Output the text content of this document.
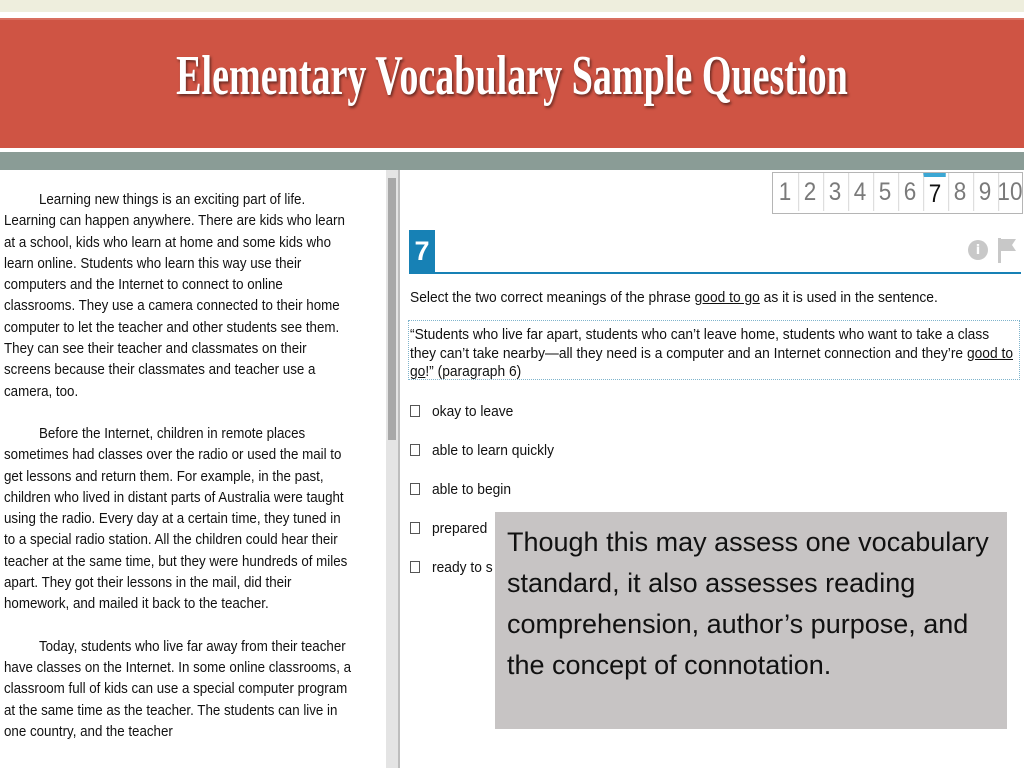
Elementary Vocabulary Sample Question

Learning new things is an exciting part of life. Learning can happen anywhere. There are kids who learn at a school, kids who learn at home and some kids who learn online. Students who learn this way use their computers and the Internet to connect to online classrooms. They use a camera connected to their home computer to let the teacher and other students see them. They can see their teacher and classmates on their screens because their classmates and teacher use a camera, too.

Before the Internet, children in remote places sometimes had classes over the radio or used the mail to get lessons and return them. For example, in the past, children who lived in distant parts of Australia were taught using the radio. Every day at a certain time, they tuned in to a special radio station. All the children could hear their teacher at the same time, but they were hundreds of miles apart. They got their lessons in the mail, did their homework, and mailed it back to the teacher.

Today, students who live far away from their teacher have classes on the Internet. In some online classrooms, a classroom full of kids can use a special computer program at the same time as the teacher. The students can live in one country, and the teacher

1 2 3 4 5 6 7 8 9 10
7	i
Select the two correct meanings of the phrase good to go as it is used in the sentence.
“Students who live far apart, students who can’t leave home, students who want to take a class they can’t take nearby—all they need is a computer and an Internet connection and they’re good to go!” (paragraph 6)
okay to leave
able to learn quickly
able to begin
prepared
ready to s
Though this may assess one vocabulary standard, it also assesses reading comprehension, author’s purpose, and the concept of connotation.
